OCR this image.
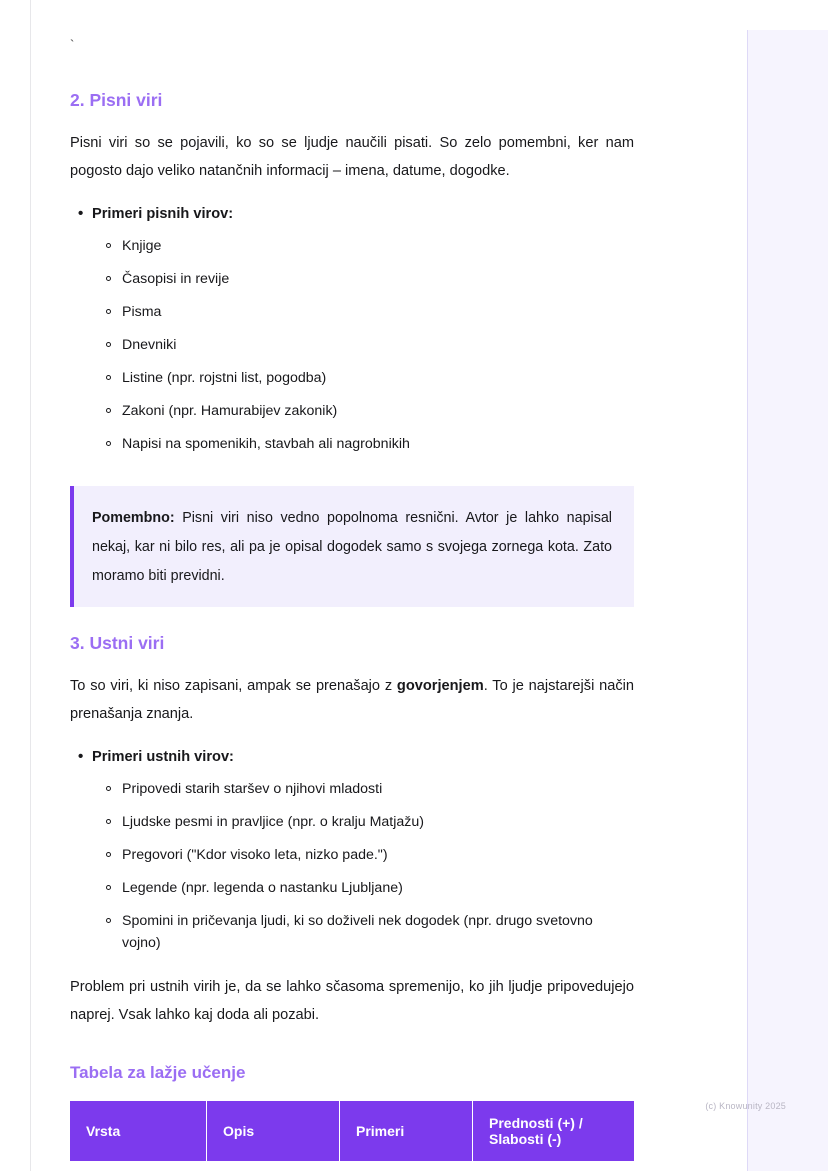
(c) Knowunity 2025
`
2. Pisni viri

Pisni viri so se pojavili, ko so se ljudje naučili pisati. So zelo pomembni, ker nam pogosto dajo veliko natančnih informacij – imena, datume, dogodke.

• Primeri pisnih virov:
Knjige
Časopisi in revije
Pisma
Dnevniki
Listine (npr. rojstni list, pogodba)
Zakoni (npr. Hamurabijev zakonik)
Napisi na spomenikih, stavbah ali nagrobnikih

Pomembno: Pisni viri niso vedno popolnoma resnični. Avtor je lahko napisal nekaj, kar ni bilo res, ali pa je opisal dogodek samo s svojega zornega kota. Zato moramo biti previdni.

3. Ustni viri

To so viri, ki niso zapisani, ampak se prenašajo z govorjenjem. To je najstarejši način prenašanja znanja.

• Primeri ustnih virov:
Pripovedi starih staršev o njihovi mladosti
Ljudske pesmi in pravljice (npr. o kralju Matjažu)
Pregovori ("Kdor visoko leta, nizko pade.")
Legende (npr. legenda o nastanku Ljubljane)
Spomini in pričevanja ljudi, ki so doživeli nek dogodek (npr. drugo svetovno vojno)

Problem pri ustnih virih je, da se lahko sčasoma spremenijo, ko jih ljudje pripovedujejo naprej. Vsak lahko kaj doda ali pozabi.

Tabela za lažje učenje
Vrsta	Opis	Primeri	Prednosti (+) / Slabosti (-)
